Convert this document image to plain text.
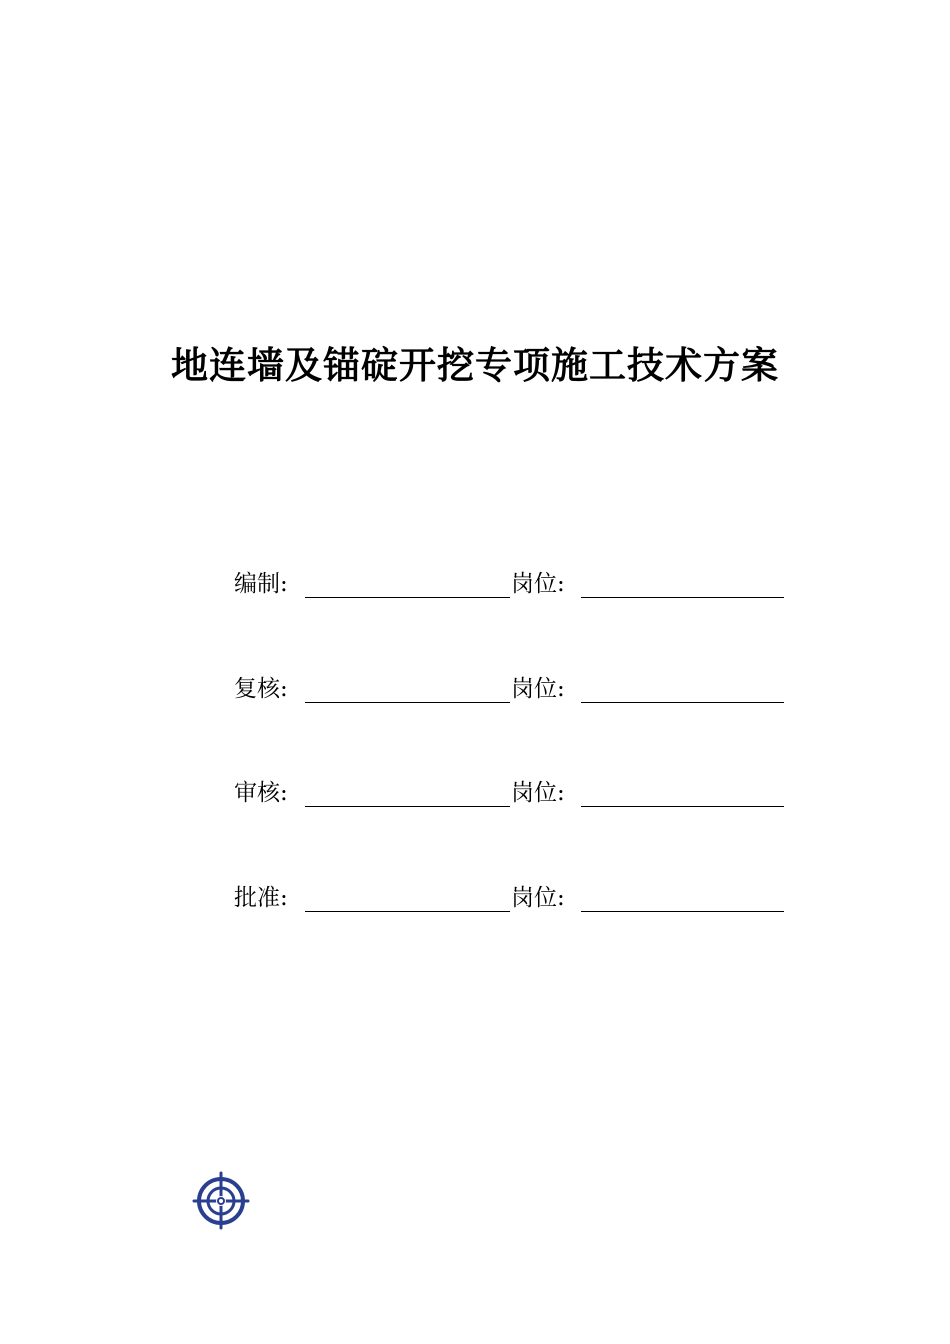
地连墙及锚碇开挖专项施工技术方案
编制:	岗位:
复核:	岗位:
审核:	岗位:
批准:	岗位:
